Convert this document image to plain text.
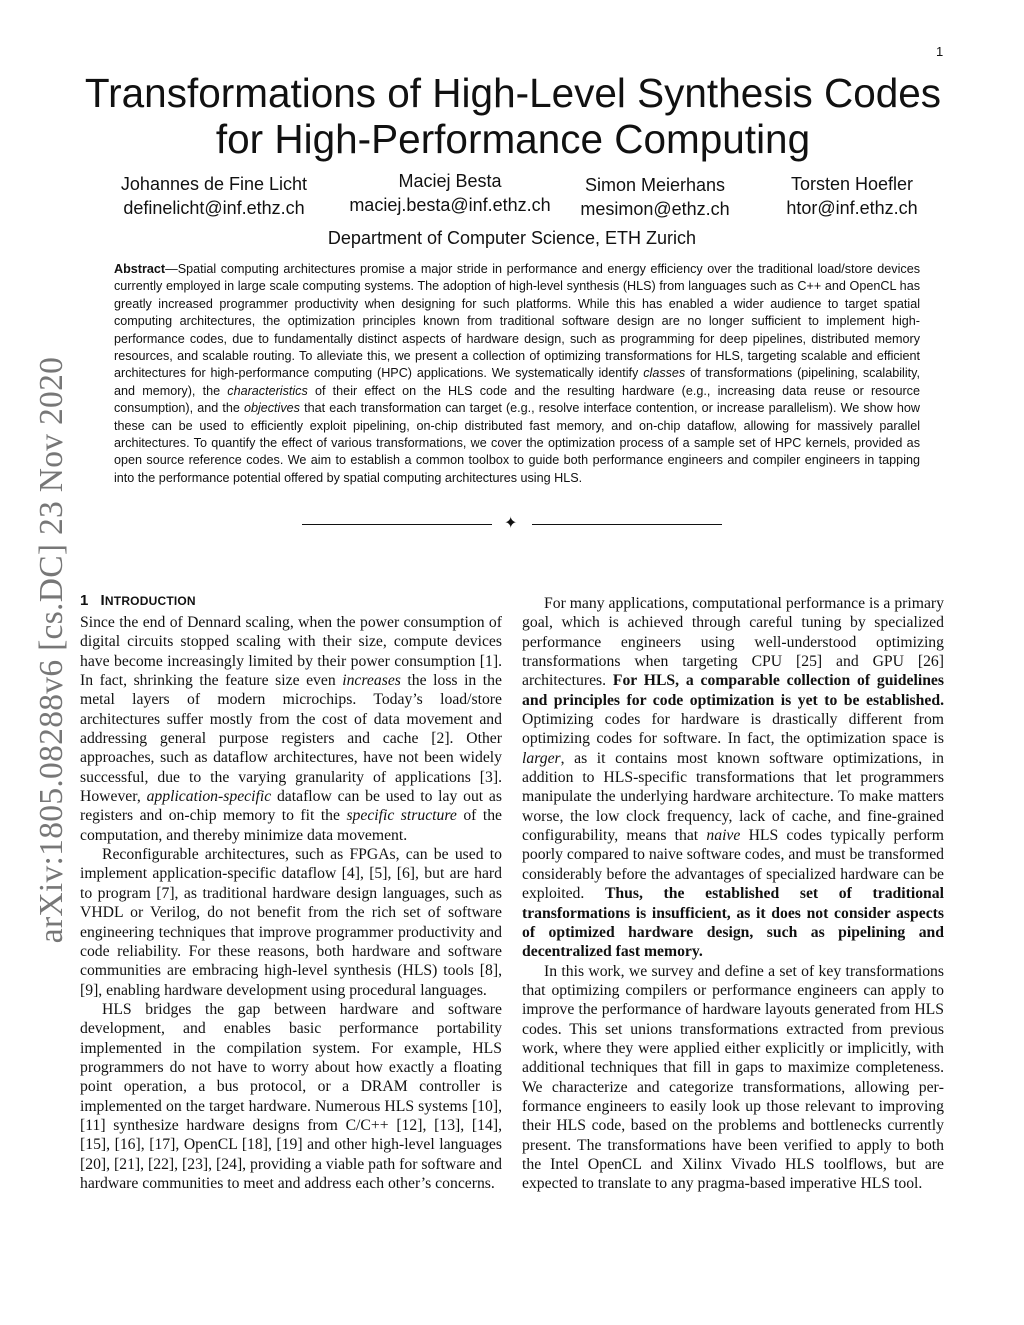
1
arXiv:1805.08288v6 [cs.DC] 23 Nov 2020
Transformations of High-Level Synthesis Codes
for High-Performance Computing
Johannes de Fine Licht
definelicht@inf.ethz.ch
Maciej Besta
maciej.besta@inf.ethz.ch
Simon Meierhans
mesimon@ethz.ch
Torsten Hoefler
htor@inf.ethz.ch
Department of Computer Science, ETH Zurich
Abstract—Spatial computing architectures promise a major stride in performance and energy efficiency over the traditional load/store devices currently employed in large scale computing systems. The adoption of high-level synthesis (HLS) from languages such as C++ and OpenCL has greatly increased programmer productivity when designing for such platforms. While this has enabled a wider audience to target spatial computing architectures, the optimization principles known from traditional software design are no longer sufficient to implement high-performance codes, due to fundamentally distinct aspects of hardware design, such as programming for deep pipelines, distributed memory resources, and scalable routing. To alleviate this, we present a collection of optimizing transformations for HLS, targeting scalable and efficient architectures for high-performance computing (HPC) applications. We systematically identify classes of transformations (pipelining, scalability, and memory), the characteristics of their effect on the HLS code and the resulting hardware (e.g., increasing data reuse or resource consumption), and the objectives that each transformation can target (e.g., resolve interface contention, or increase parallelism). We show how these can be used to efficiently exploit pipelining, on-chip distributed fast memory, and on-chip dataflow, allowing for massively parallel architectures. To quantify the effect of various transformations, we cover the optimization process of a sample set of HPC kernels, provided as open source reference codes. We aim to establish a common toolbox to guide both performance engineers and compiler engineers in tapping into the performance potential offered by spatial computing architectures using HLS.
✦
1 INTRODUCTION

Since the end of Dennard scaling, when the power consumption of digital circuits stopped scaling with their size, compute devices have become increasingly limited by their power consumption [1]. In fact, shrinking the feature size even increases the loss in the metal layers of modern microchips. Today’s load/store architectures suffer mostly from the cost of data movement and addressing general purpose registers and cache [2]. Other approaches, such as dataflow architectures, have not been widely successful, due to the varying granularity of applications [3]. However, application-specific dataflow can be used to lay out as registers and on-chip memory to fit the specific structure of the computation, and thereby minimize data movement.

Reconfigurable architectures, such as FPGAs, can be used to implement application-specific dataflow [4], [5], [6], but are hard to program [7], as traditional hardware design languages, such as VHDL or Verilog, do not benefit from the rich set of software engineering techniques that improve programmer productivity and code reliability. For these reasons, both hardware and software communities are embracing high-level synthesis (HLS) tools [8], [9], enabling hardware development using procedural languages.

HLS bridges the gap between hardware and software development, and enables basic performance portability implemented in the compilation system. For example, HLS programmers do not have to worry about how exactly a floating point operation, a bus protocol, or a DRAM controller is implemented on the target hardware. Numerous HLS systems [10], [11] synthesize hardware designs from C/C++ [12], [13], [14], [15], [16], [17], OpenCL [18], [19] and other high-level languages [20], [21], [22], [23], [24], providing a viable path for software and hardware communities to meet and address each other’s concerns.

For many applications, computational performance is a primary goal, which is achieved through careful tuning by specialized performance engineers using well-understood optimizing transformations when targeting CPU [25] and GPU [26] architectures. For HLS, a comparable collection of guidelines and principles for code optimization is yet to be established. Optimizing codes for hardware is drastically different from optimizing codes for software. In fact, the optimization space is larger, as it contains most known software optimizations, in addition to HLS-specific transformations that let programmers manipulate the underlying hardware architecture. To make matters worse, the low clock frequency, lack of cache, and fine-grained configurability, means that naive HLS codes typically perform poorly compared to naive software codes, and must be transformed considerably before the advantages of specialized hardware can be exploited. Thus, the established set of traditional transformations is insufficient, as it does not consider aspects of optimized hardware design, such as pipelining and decentralized fast memory.

In this work, we survey and define a set of key transformations that optimizing compilers or performance engineers can apply to improve the performance of hardware layouts generated from HLS codes. This set unions transformations extracted from previous work, where they were applied either explicitly or implicitly, with additional techniques that fill in gaps to maximize completeness. We characterize and categorize transformations, allowing performance engineers to easily look up those relevant to improving their HLS code, based on the problems and bottlenecks currently present. The transformations have been verified to apply to both the Intel OpenCL and Xilinx Vivado HLS toolflows, but are expected to translate to any pragma-based imperative HLS tool.
